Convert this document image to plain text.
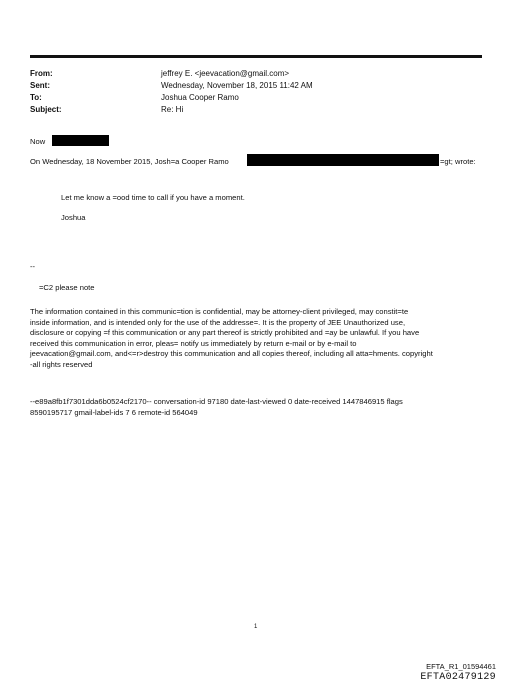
From:	jeffrey E. <jeevacation@gmail.com>
Sent:	Wednesday, November 18, 2015 11:42 AM
To:	Joshua Cooper Ramo
Subject:	Re: Hi
Now
On Wednesday, 18 November 2015, Josh=a Cooper Ramo	=gt; wrote:
Let me know a =ood time to call if you have a moment.
Joshua
--
=C2 please note
The information contained in this communic=tion is confidential, may be attorney-client privileged, may constit=te
inside information, and is intended only for the use of the addresse=. It is the property of JEE Unauthorized use,
disclosure or copying =f this communication or any part thereof is strictly prohibited and =ay be unlawful. If you have
received this communication in error, pleas= notify us immediately by return e-mail or by e-mail to
jeevacation@gmail.com, and<=r>destroy this communication and all copies thereof, including all atta=hments. copyright
-all rights reserved
--e89a8fb1f7301dda6b0524cf2170-- conversation-id 97180 date-last-viewed 0 date-received 1447846915 flags
8590195717 gmail-label-ids 7 6 remote-id 564049
1
EFTA_R1_01594461
EFTA02479129
